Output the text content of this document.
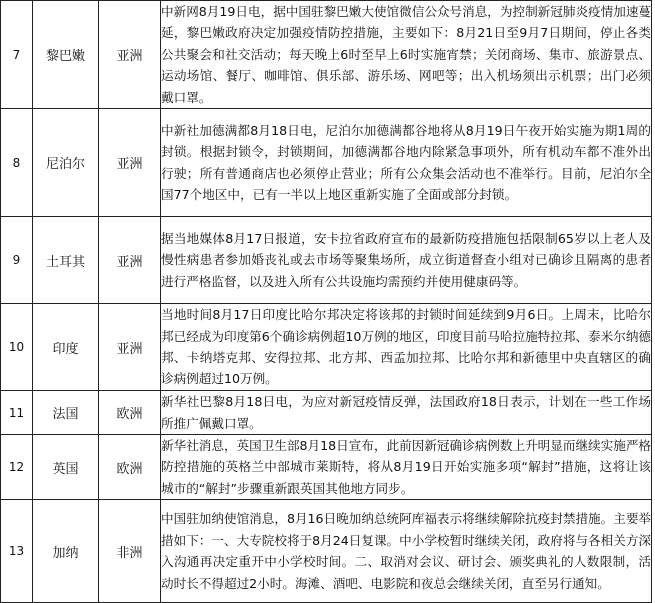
7	黎巴嫩	亚洲	中新网8月19日电，据中国驻黎巴嫩大使馆微信公众号消息，为控制新冠肺炎疫情加速蔓延，黎巴嫩政府决定加强疫情防控措施，主要如下：8月21日至9月7日期间，停止各类公共聚会和社交活动；每天晚上6时至早上6时实施宵禁；关闭商场、集市、旅游景点、运动场馆、餐厅、咖啡馆、俱乐部、游乐场、网吧等；出入机场须出示机票；出门必须戴口罩。
8	尼泊尔	亚洲	中新社加德满都8月18日电，尼泊尔加德满都谷地将从8月19日午夜开始实施为期1周的封锁。根据封锁令，封锁期间，加德满都谷地内除紧急事项外，所有机动车都不准外出行驶；所有普通商店也必须停止营业；所有公众集会活动也不准举行。目前，尼泊尔全国77个地区中，已有一半以上地区重新实施了全面或部分封锁。
9	土耳其	亚洲	据当地媒体8月17日报道，安卡拉省政府宣布的最新防疫措施包括限制65岁以上老人及慢性病患者参加婚丧礼或去市场等聚集场所，成立街道督查小组对已确诊且隔离的患者进行严格监督，以及进入所有公共设施均需预约并使用健康码等。
10	印度	亚洲	当地时间8月17日印度比哈尔邦决定将该邦的封锁时间延续到9月6日。上周末，比哈尔邦已经成为印度第6个确诊病例超10万例的地区，印度目前马哈拉施特拉邦、泰米尔纳德邦、卡纳塔克邦、安得拉邦、北方邦、西孟加拉邦、比哈尔邦和新德里中央直辖区的确诊病例超过10万例。
11	法国	欧洲	新华社巴黎8月18日电，为应对新冠疫情反弹，法国政府18日表示，计划在一些工作场所推广佩戴口罩。
12	英国	欧洲	新华社消息，英国卫生部8月18日宣布，此前因新冠确诊病例数上升明显而继续实施严格防控措施的英格兰中部城市莱斯特，将从8月19日开始实施多项“解封”措施，这将让该城市的“解封”步骤重新跟英国其他地方同步。
13	加纳	非洲	中国驻加纳使馆消息，8月16日晚加纳总统阿库福表示将继续解除抗疫封禁措施。主要举措如下：一、大专院校将于8月24日复课。中小学校暂时继续关闭，政府将与各相关方深入沟通再决定重开中小学校时间。二、取消对会议、研讨会、颁奖典礼的人数限制，活动时长不得超过2小时。海滩、酒吧、电影院和夜总会继续关闭，直至另行通知。
